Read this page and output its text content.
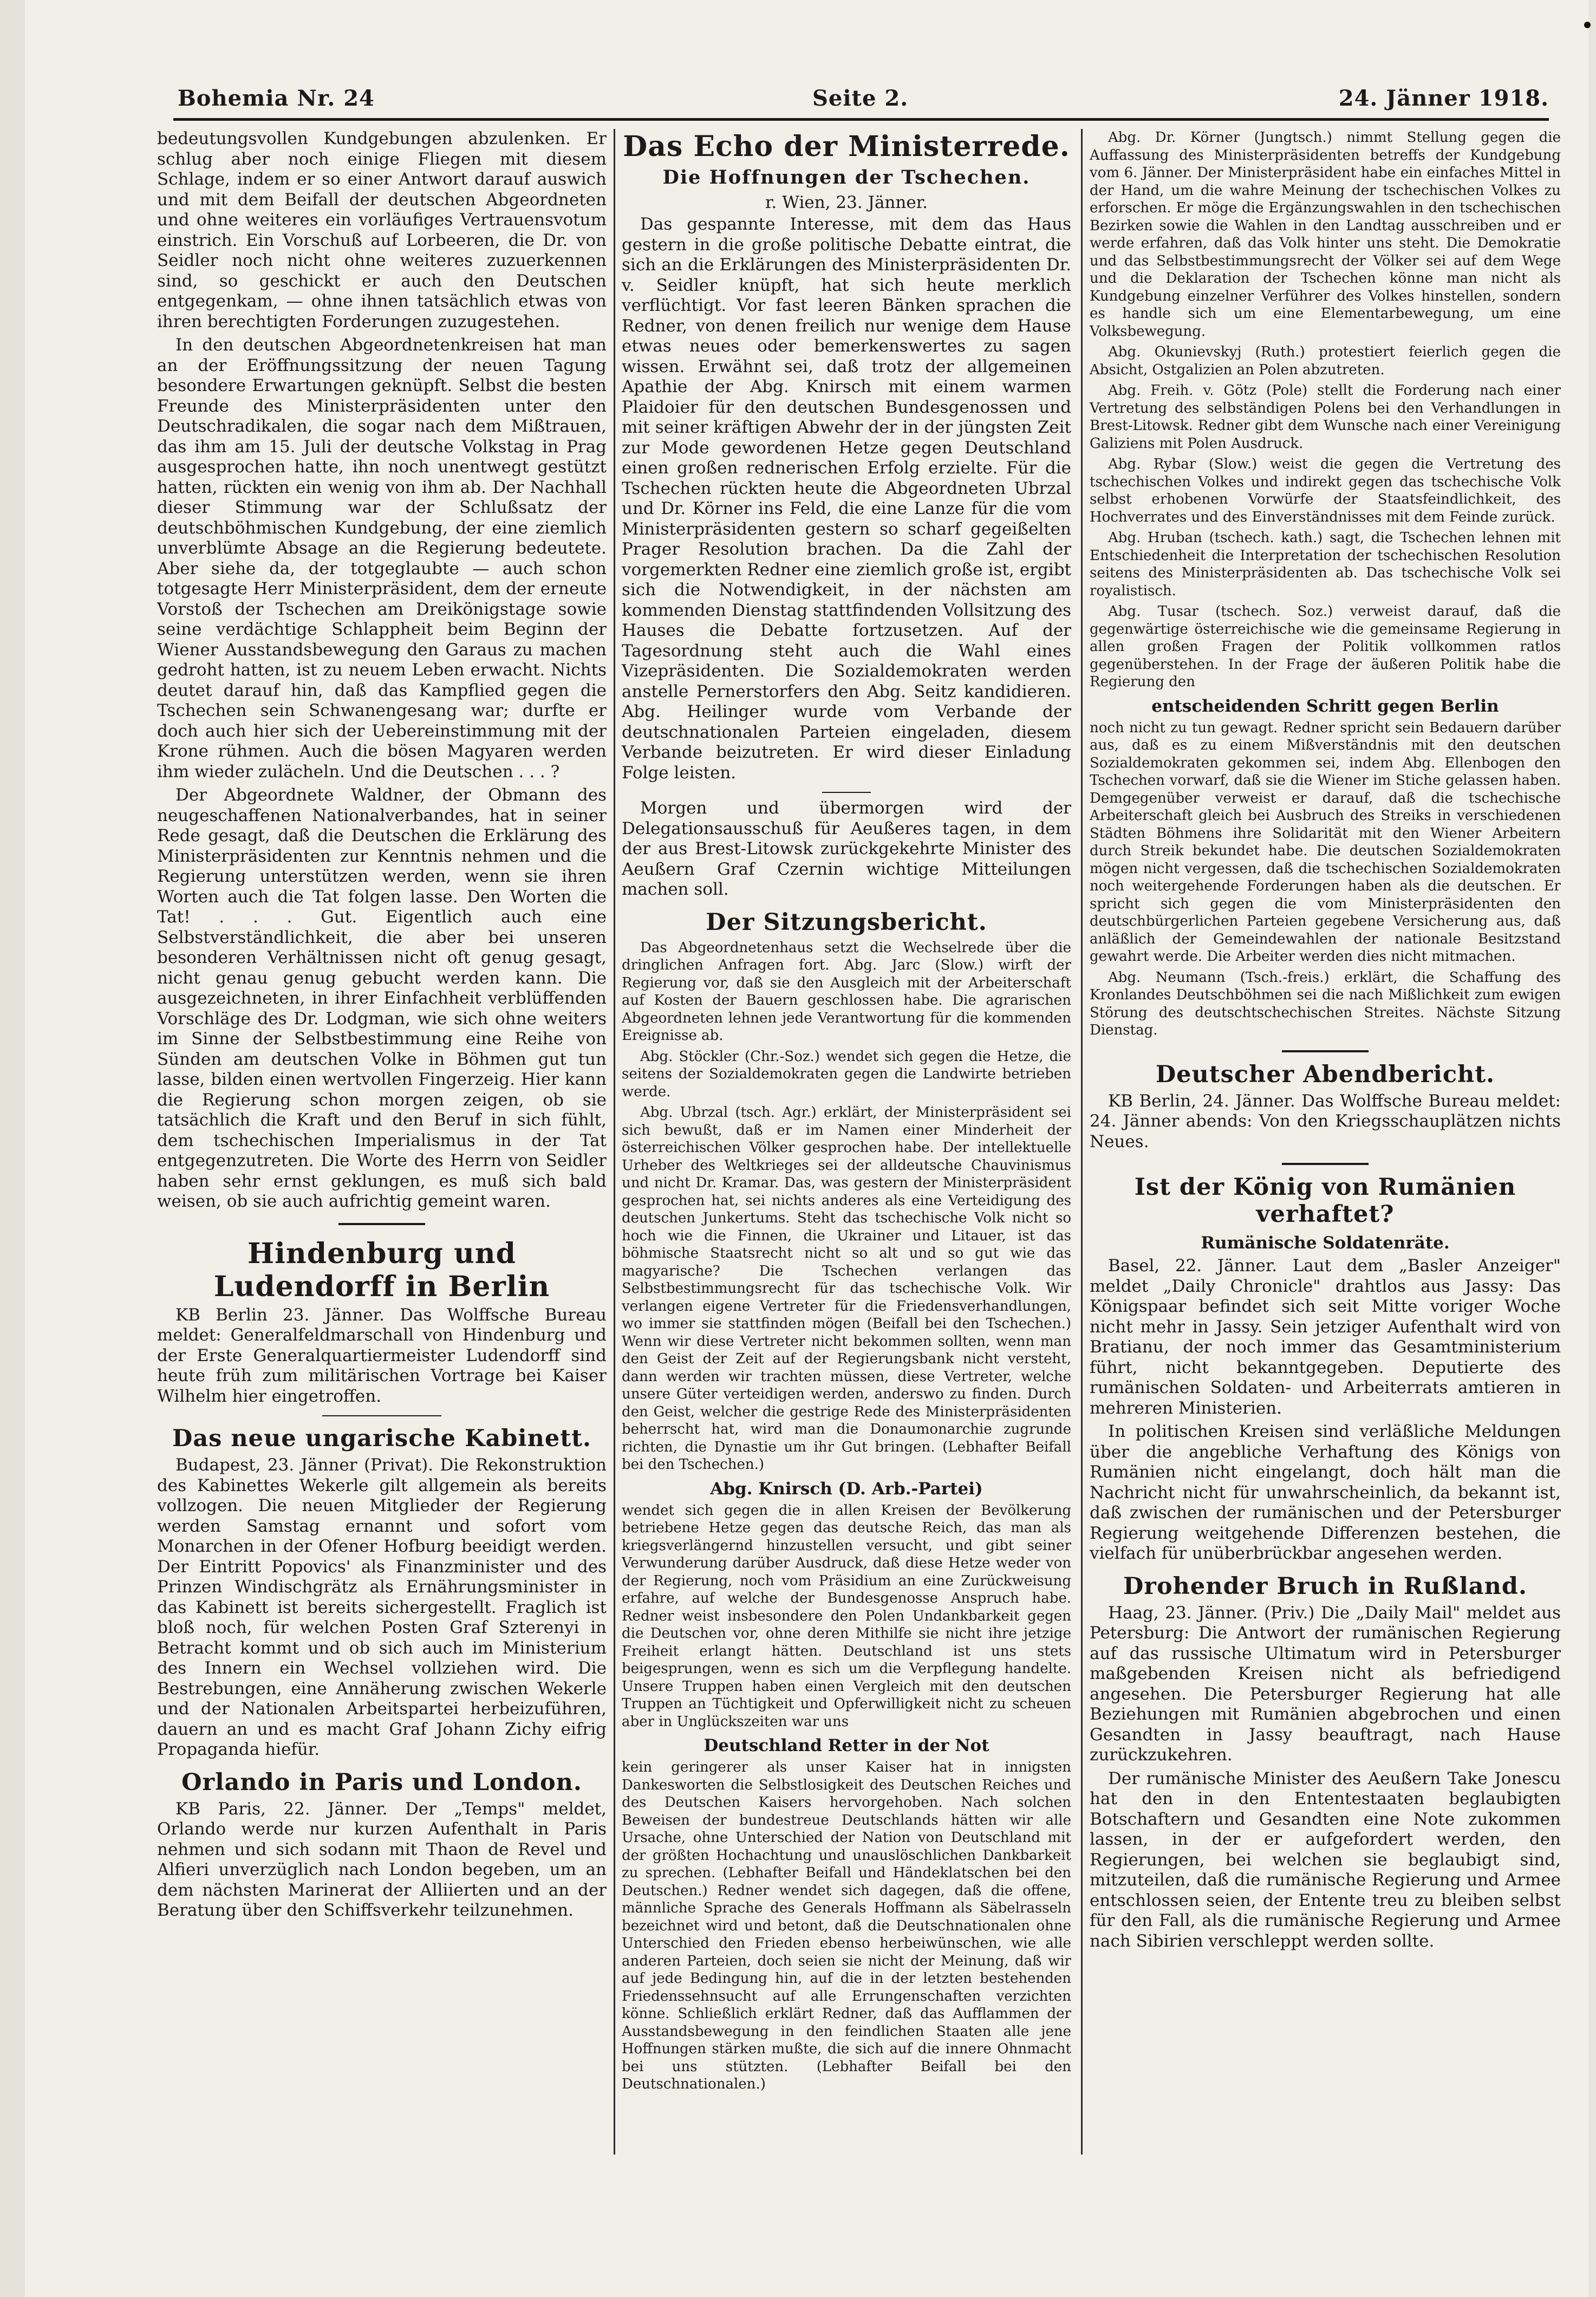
Bohemia Nr. 24	Seite 2.	24. Jänner 1918.

bedeutungsvollen Kundgebungen abzulenken. Er schlug aber noch einige Fliegen mit diesem Schlage, indem er so einer Antwort darauf auswich und mit dem Beifall der deutschen Abgeordneten und ohne weiteres ein vorläufiges Vertrauensvotum einstrich. Ein Vorschuß auf Lorbeeren, die Dr. von Seidler noch nicht ohne weiteres zuzuerkennen sind, so geschickt er auch den Deutschen entgegenkam, — ohne ihnen tatsächlich etwas von ihren berechtigten Forderungen zuzugestehen.

In den deutschen Abgeordnetenkreisen hat man an der Eröffnungssitzung der neuen Tagung besondere Erwartungen geknüpft. Selbst die besten Freunde des Ministerpräsidenten unter den Deutschradikalen, die sogar nach dem Mißtrauen, das ihm am 15. Juli der deutsche Volkstag in Prag ausgesprochen hatte, ihn noch unentwegt gestützt hatten, rückten ein wenig von ihm ab. Der Nachhall dieser Stimmung war der Schlußsatz der deutschböhmischen Kundgebung, der eine ziemlich unverblümte Absage an die Regierung bedeutete. Aber siehe da, der totgeglaubte — auch schon totgesagte Herr Ministerpräsident, dem der erneute Vorstoß der Tschechen am Dreikönigstage sowie seine verdächtige Schlappheit beim Beginn der Wiener Ausstandsbewegung den Garaus zu machen gedroht hatten, ist zu neuem Leben erwacht. Nichts deutet darauf hin, daß das Kampflied gegen die Tschechen sein Schwanengesang war; durfte er doch auch hier sich der Uebereinstimmung mit der Krone rühmen. Auch die bösen Magyaren werden ihm wieder zulächeln. Und die Deutschen . . . ?

Der Abgeordnete Waldner, der Obmann des neugeschaffenen Nationalverbandes, hat in seiner Rede gesagt, daß die Deutschen die Erklärung des Ministerpräsidenten zur Kenntnis nehmen und die Regierung unterstützen werden, wenn sie ihren Worten auch die Tat folgen lasse. Den Worten die Tat! . . . Gut. Eigentlich auch eine Selbstverständlichkeit, die aber bei unseren besonderen Verhältnissen nicht oft genug gesagt, nicht genau genug gebucht werden kann. Die ausgezeichneten, in ihrer Einfachheit verblüffenden Vorschläge des Dr. Lodgman, wie sich ohne weiters im Sinne der Selbstbestimmung eine Reihe von Sünden am deutschen Volke in Böhmen gut tun lasse, bilden einen wertvollen Fingerzeig. Hier kann die Regierung schon morgen zeigen, ob sie tatsächlich die Kraft und den Beruf in sich fühlt, dem tschechischen Imperialismus in der Tat entgegenzutreten. Die Worte des Herrn von Seidler haben sehr ernst geklungen, es muß sich bald weisen, ob sie auch aufrichtig gemeint waren.

Hindenburg und Ludendorff in Berlin

KB Berlin 23. Jänner. Das Wolffsche Bureau meldet: Generalfeldmarschall von Hindenburg und der Erste Generalquartiermeister Ludendorff sind heute früh zum militärischen Vortrage bei Kaiser Wilhelm hier eingetroffen.

Das neue ungarische Kabinett.

Budapest, 23. Jänner (Privat). Die Rekonstruktion des Kabinettes Wekerle gilt allgemein als bereits vollzogen. Die neuen Mitglieder der Regierung werden Samstag ernannt und sofort vom Monarchen in der Ofener Hofburg beeidigt werden. Der Eintritt Popovics' als Finanzminister und des Prinzen Windischgrätz als Ernährungsminister in das Kabinett ist bereits sichergestellt. Fraglich ist bloß noch, für welchen Posten Graf Szterenyi in Betracht kommt und ob sich auch im Ministerium des Innern ein Wechsel vollziehen wird. Die Bestrebungen, eine Annäherung zwischen Wekerle und der Nationalen Arbeitspartei herbeizuführen, dauern an und es macht Graf Johann Zichy eifrig Propaganda hiefür.

Orlando in Paris und London.

KB Paris, 22. Jänner. Der „Temps" meldet, Orlando werde nur kurzen Aufenthalt in Paris nehmen und sich sodann mit Thaon de Revel und Alfieri unverzüglich nach London begeben, um an dem nächsten Marinerat der Alliierten und an der Beratung über den Schiffsverkehr teilzunehmen.

Das Echo der Ministerrede.
Die Hoffnungen der Tschechen.
r. Wien, 23. Jänner.

Das gespannte Interesse, mit dem das Haus gestern in die große politische Debatte eintrat, die sich an die Erklärungen des Ministerpräsidenten Dr. v. Seidler knüpft, hat sich heute merklich verflüchtigt. Vor fast leeren Bänken sprachen die Redner, von denen freilich nur wenige dem Hause etwas neues oder bemerkenswertes zu sagen wissen. Erwähnt sei, daß trotz der allgemeinen Apathie der Abg. Knirsch mit einem warmen Plaidoier für den deutschen Bundesgenossen und mit seiner kräftigen Abwehr der in der jüngsten Zeit zur Mode gewordenen Hetze gegen Deutschland einen großen rednerischen Erfolg erzielte. Für die Tschechen rückten heute die Abgeordneten Ubrzal und Dr. Körner ins Feld, die eine Lanze für die vom Ministerpräsidenten gestern so scharf gegeißelten Prager Resolution brachen. Da die Zahl der vorgemerkten Redner eine ziemlich große ist, ergibt sich die Notwendigkeit, in der nächsten am kommenden Dienstag stattfindenden Vollsitzung des Hauses die Debatte fortzusetzen. Auf der Tagesordnung steht auch die Wahl eines Vizepräsidenten. Die Sozialdemokraten werden anstelle Pernerstorfers den Abg. Seitz kandidieren. Abg. Heilinger wurde vom Verbande der deutschnationalen Parteien eingeladen, diesem Verbande beizutreten. Er wird dieser Einladung Folge leisten.

Morgen und übermorgen wird der Delegationsausschuß für Aeußeres tagen, in dem der aus Brest-Litowsk zurückgekehrte Minister des Aeußern Graf Czernin wichtige Mitteilungen machen soll.

Der Sitzungsbericht.

Das Abgeordnetenhaus setzt die Wechselrede über die dringlichen Anfragen fort. Abg. Jarc (Slow.) wirft der Regierung vor, daß sie den Ausgleich mit der Arbeiterschaft auf Kosten der Bauern geschlossen habe. Die agrarischen Abgeordneten lehnen jede Verantwortung für die kommenden Ereignisse ab.

Abg. Stöckler (Chr.-Soz.) wendet sich gegen die Hetze, die seitens der Sozialdemokraten gegen die Landwirte betrieben werde.

Abg. Ubrzal (tsch. Agr.) erklärt, der Ministerpräsident sei sich bewußt, daß er im Namen einer Minderheit der österreichischen Völker gesprochen habe. Der intellektuelle Urheber des Weltkrieges sei der alldeutsche Chauvinismus und nicht Dr. Kramar. Das, was gestern der Ministerpräsident gesprochen hat, sei nichts anderes als eine Verteidigung des deutschen Junkertums. Steht das tschechische Volk nicht so hoch wie die Finnen, die Ukrainer und Litauer, ist das böhmische Staatsrecht nicht so alt und so gut wie das magyarische? Die Tschechen verlangen das Selbstbestimmungsrecht für das tschechische Volk. Wir verlangen eigene Vertreter für die Friedensverhandlungen, wo immer sie stattfinden mögen (Beifall bei den Tschechen.) Wenn wir diese Vertreter nicht bekommen sollten, wenn man den Geist der Zeit auf der Regierungsbank nicht versteht, dann werden wir trachten müssen, diese Vertreter, welche unsere Güter verteidigen werden, anderswo zu finden. Durch den Geist, welcher die gestrige Rede des Ministerpräsidenten beherrscht hat, wird man die Donaumonarchie zugrunde richten, die Dynastie um ihr Gut bringen. (Lebhafter Beifall bei den Tschechen.)

Abg. Knirsch (D. Arb.-Partei)

wendet sich gegen die in allen Kreisen der Bevölkerung betriebene Hetze gegen das deutsche Reich, das man als kriegsverlängernd hinzustellen versucht, und gibt seiner Verwunderung darüber Ausdruck, daß diese Hetze weder von der Regierung, noch vom Präsidium an eine Zurückweisung erfahre, auf welche der Bundesgenosse Anspruch habe. Redner weist insbesondere den Polen Undankbarkeit gegen die Deutschen vor, ohne deren Mithilfe sie nicht ihre jetzige Freiheit erlangt hätten. Deutschland ist uns stets beigesprungen, wenn es sich um die Verpflegung handelte. Unsere Truppen haben einen Vergleich mit den deutschen Truppen an Tüchtigkeit und Opferwilligkeit nicht zu scheuen aber in Unglückszeiten war uns

Deutschland Retter in der Not

kein geringerer als unser Kaiser hat in innigsten Dankesworten die Selbstlosigkeit des Deutschen Reiches und des Deutschen Kaisers hervorgehoben. Nach solchen Beweisen der bundestreue Deutschlands hätten wir alle Ursache, ohne Unterschied der Nation von Deutschland mit der größten Hochachtung und unauslöschlichen Dankbarkeit zu sprechen. (Lebhafter Beifall und Händeklatschen bei den Deutschen.) Redner wendet sich dagegen, daß die offene, männliche Sprache des Generals Hoffmann als Säbelrasseln bezeichnet wird und betont, daß die Deutschnationalen ohne Unterschied den Frieden ebenso herbeiwünschen, wie alle anderen Parteien, doch seien sie nicht der Meinung, daß wir auf jede Bedingung hin, auf die in der letzten bestehenden Friedenssehnsucht auf alle Errungenschaften verzichten könne. Schließlich erklärt Redner, daß das Aufflammen der Ausstandsbewegung in den feindlichen Staaten alle jene Hoffnungen stärken mußte, die sich auf die innere Ohnmacht bei uns stützten. (Lebhafter Beifall bei den Deutschnationalen.)

Abg. Dr. Körner (Jungtsch.) nimmt Stellung gegen die Auffassung des Ministerpräsidenten betreffs der Kundgebung vom 6. Jänner. Der Ministerpräsident habe ein einfaches Mittel in der Hand, um die wahre Meinung der tschechischen Volkes zu erforschen. Er möge die Ergänzungswahlen in den tschechischen Bezirken sowie die Wahlen in den Landtag ausschreiben und er werde erfahren, daß das Volk hinter uns steht. Die Demokratie und das Selbstbestimmungsrecht der Völker sei auf dem Wege und die Deklaration der Tschechen könne man nicht als Kundgebung einzelner Verführer des Volkes hinstellen, sondern es handle sich um eine Elementarbewegung, um eine Volksbewegung.

Abg. Okunievskyj (Ruth.) protestiert feierlich gegen die Absicht, Ostgalizien an Polen abzutreten.

Abg. Freih. v. Götz (Pole) stellt die Forderung nach einer Vertretung des selbständigen Polens bei den Verhandlungen in Brest-Litowsk. Redner gibt dem Wunsche nach einer Vereinigung Galiziens mit Polen Ausdruck.

Abg. Rybar (Slow.) weist die gegen die Vertretung des tschechischen Volkes und indirekt gegen das tschechische Volk selbst erhobenen Vorwürfe der Staatsfeindlichkeit, des Hochverrates und des Einverständnisses mit dem Feinde zurück.

Abg. Hruban (tschech. kath.) sagt, die Tschechen lehnen mit Entschiedenheit die Interpretation der tschechischen Resolution seitens des Ministerpräsidenten ab. Das tschechische Volk sei royalistisch.

Abg. Tusar (tschech. Soz.) verweist darauf, daß die gegenwärtige österreichische wie die gemeinsame Regierung in allen großen Fragen der Politik vollkommen ratlos gegenüberstehen. In der Frage der äußeren Politik habe die Regierung den

entscheidenden Schritt gegen Berlin

noch nicht zu tun gewagt. Redner spricht sein Bedauern darüber aus, daß es zu einem Mißverständnis mit den deutschen Sozialdemokraten gekommen sei, indem Abg. Ellenbogen den Tschechen vorwarf, daß sie die Wiener im Stiche gelassen haben. Demgegenüber verweist er darauf, daß die tschechische Arbeiterschaft gleich bei Ausbruch des Streiks in verschiedenen Städten Böhmens ihre Solidarität mit den Wiener Arbeitern durch Streik bekundet habe. Die deutschen Sozialdemokraten mögen nicht vergessen, daß die tschechischen Sozialdemokraten noch weitergehende Forderungen haben als die deutschen. Er spricht sich gegen die vom Ministerpräsidenten den deutschbürgerlichen Parteien gegebene Versicherung aus, daß anläßlich der Gemeindewahlen der nationale Besitzstand gewahrt werde. Die Arbeiter werden dies nicht mitmachen.

Abg. Neumann (Tsch.-freis.) erklärt, die Schaffung des Kronlandes Deutschböhmen sei die nach Mißlichkeit zum ewigen Störung des deutschtschechischen Streites. Nächste Sitzung Dienstag.

Deutscher Abendbericht.

KB Berlin, 24. Jänner. Das Wolffsche Bureau meldet: 24. Jänner abends: Von den Kriegsschauplätzen nichts Neues.

Ist der König von Rumänien verhaftet?
Rumänische Soldatenräte.

Basel, 22. Jänner. Laut dem „Basler Anzeiger" meldet „Daily Chronicle" drahtlos aus Jassy: Das Königspaar befindet sich seit Mitte voriger Woche nicht mehr in Jassy. Sein jetziger Aufenthalt wird von Bratianu, der noch immer das Gesamtministerium führt, nicht bekanntgegeben. Deputierte des rumänischen Soldaten- und Arbeiterrats amtieren in mehreren Ministerien.

In politischen Kreisen sind verläßliche Meldungen über die angebliche Verhaftung des Königs von Rumänien nicht eingelangt, doch hält man die Nachricht nicht für unwahrscheinlich, da bekannt ist, daß zwischen der rumänischen und der Petersburger Regierung weitgehende Differenzen bestehen, die vielfach für unüberbrückbar angesehen werden.

Drohender Bruch in Rußland.

Haag, 23. Jänner. (Priv.) Die „Daily Mail" meldet aus Petersburg: Die Antwort der rumänischen Regierung auf das russische Ultimatum wird in Petersburger maßgebenden Kreisen nicht als befriedigend angesehen. Die Petersburger Regierung hat alle Beziehungen mit Rumänien abgebrochen und einen Gesandten in Jassy beauftragt, nach Hause zurückzukehren.

Der rumänische Minister des Aeußern Take Jonescu hat den in den Ententestaaten beglaubigten Botschaftern und Gesandten eine Note zukommen lassen, in der er aufgefordert werden, den Regierungen, bei welchen sie beglaubigt sind, mitzuteilen, daß die rumänische Regierung und Armee entschlossen seien, der Entente treu zu bleiben selbst für den Fall, als die rumänische Regierung und Armee nach Sibirien verschleppt werden sollte.
